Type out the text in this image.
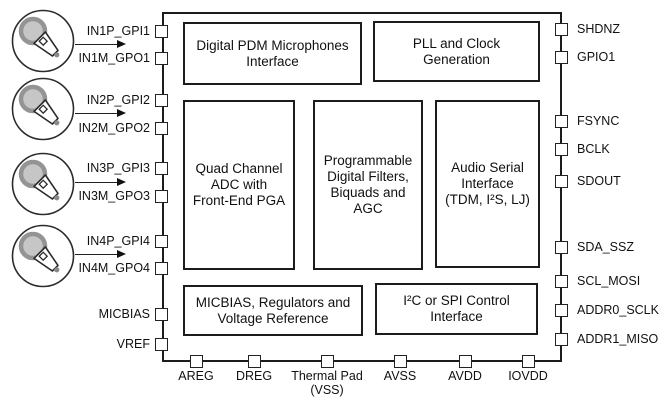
Digital PDM Microphones
Interface
PLL and Clock
Generation
Quad Channel
ADC with
Front-End PGA
Programmable
Digital Filters,
Biquads and
AGC
Audio Serial
Interface
(TDM, I²S, LJ)
MICBIAS, Regulators and
Voltage Reference
I²C or SPI Control
Interface
IN1P_GPI1
IN1M_GPO1
IN2P_GPI2
IN2M_GPO2
IN3P_GPI3
IN3M_GPO3
IN4P_GPI4
IN4M_GPO4
MICBIAS
VREF
SHDNZ
GPIO1
FSYNC
BCLK
SDOUT
SDA_SSZ
SCL_MOSI
ADDR0_SCLK
ADDR1_MISO
AREG	DREG	Thermal Pad
(VSS)
AVSS	AVDD	IOVDD
